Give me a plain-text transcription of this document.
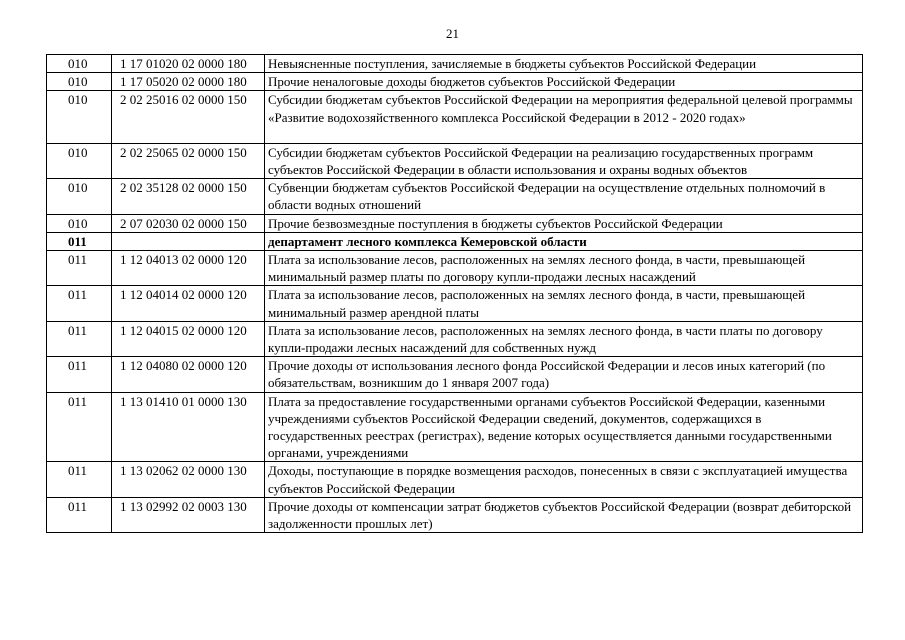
21
010	1 17 01020 02 0000 180	Невыясненные поступления, зачисляемые в бюджеты субъектов Российской Федерации
010	1 17 05020 02 0000 180	Прочие неналоговые доходы бюджетов субъектов Российской Федерации
010	2 02 25016 02 0000 150	Субсидии бюджетам субъектов Российской Федерации на мероприятия федеральной целевой программы «Развитие водохозяйственного комплекса Российской Федерации в 2012 - 2020 годах»
010	2 02 25065 02 0000 150	Субсидии бюджетам субъектов Российской Федерации на реализацию государственных программ субъектов Российской Федерации в области использования и охраны водных объектов
010	2 02 35128 02 0000 150	Субвенции бюджетам субъектов Российской Федерации на осуществление отдельных полномочий в области водных отношений
010	2 07 02030 02 0000 150	Прочие безвозмездные поступления в бюджеты субъектов Российской Федерации
011		департамент лесного комплекса Кемеровской области
011	1 12 04013 02 0000 120	Плата за использование лесов, расположенных на землях лесного фонда, в части, превышающей минимальный размер платы по договору купли-продажи лесных насаждений
011	1 12 04014 02 0000 120	Плата за использование лесов, расположенных на землях лесного фонда, в части, превышающей минимальный размер арендной платы
011	1 12 04015 02 0000 120	Плата за использование лесов, расположенных на землях лесного фонда, в части платы по договору купли-продажи лесных насаждений для собственных нужд
011	1 12 04080 02 0000 120	Прочие доходы от использования лесного фонда Российской Федерации и лесов иных категорий (по обязательствам, возникшим до 1 января 2007 года)
011	1 13 01410 01 0000 130	Плата за предоставление государственными органами субъектов Российской Федерации, казенными учреждениями субъектов Российской Федерации сведений, документов, содержащихся в государственных реестрах (регистрах), ведение которых осуществляется данными государственными органами, учреждениями
011	1 13 02062 02 0000 130	Доходы, поступающие в порядке возмещения расходов, понесенных в связи с эксплуатацией имущества субъектов Российской Федерации
011	1 13 02992 02 0003 130	Прочие доходы от компенсации затрат бюджетов субъектов Российской Федерации (возврат дебиторской задолженности прошлых лет)
